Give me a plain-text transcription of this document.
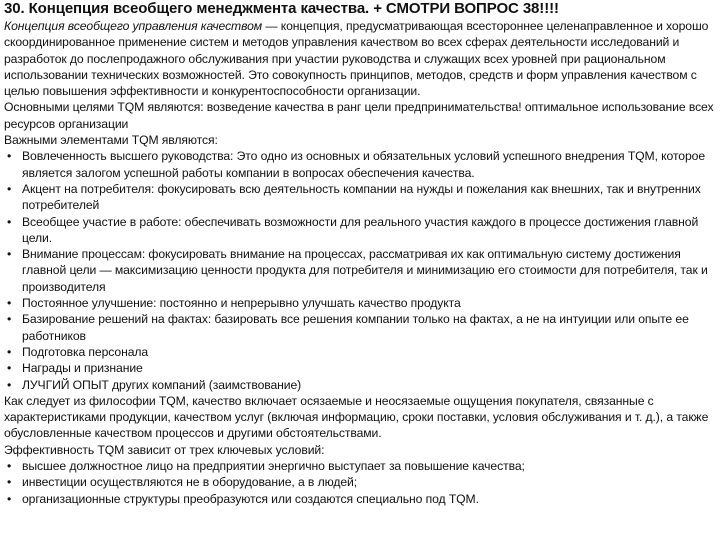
30. Концепция всеобщего менеджмента качества. + СМОТРИ ВОПРОС 38!!!!

Концепция всеобщего управления качеством — концепция, предусматривающая всестороннее целенаправленное и хорошо скоординированное применение систем и методов управления качеством во всех сферах деятельности исследований и разработок до послепродажного обслуживания при участии руководства и служащих всех уровней при рациональном использовании технических возможностей. Это совокупность принципов, методов, средств и форм управления качеством с целью повышения эффективности и конкурентоспособности организации.

Основными целями TQM являются: возведение качества в ранг цели предпринимательства! оптимальное использование всех ресурсов организации

Важными элементами TQM являются:

• Вовлеченность высшего руководства: Это одно из основных и обязательных условий успешного внедрения TQM, которое является залогом успешной работы компании в вопросах обеспечения качества.
• Акцент на потребителя: фокусировать всю деятельность компании на нужды и пожелания как внешних, так и внутренних потребителей
• Всеобщее участие в работе: обеспечивать возможности для реального участия каждого в процессе достижения главной цели.
• Внимание процессам: фокусировать внимание на процессах, рассматривая их как оптимальную систему достижения главной цели — максимизацию ценности продукта для потребителя и минимизацию его стоимости для потребителя, так и производителя
• Постоянное улучшение: постоянно и непрерывно улучшать качество продукта
• Базирование решений на фактах: базировать все решения компании только на фактах, а не на интуиции или опыте ее работников
• Подготовка персонала
• Награды и признание
• ЛУЧГИЙ ОПЫТ других компаний (заимствование)

Как следует из философии TQM, качество включает осязаемые и неосязаемые ощущения покупателя, связанные с характеристиками продукции, качеством услуг (включая информацию, сроки поставки, условия обслуживания и т. д.), а также обусловленные качеством процессов и другими обстоятельствами.

Эффективность TQM зависит от трех ключевых условий:

• высшее должностное лицо на предприятии энергично выступает за повышение качества;
• инвестиции осуществляются не в оборудование, а в людей;
• организационные структуры преобразуются или создаются специально под TQM.
